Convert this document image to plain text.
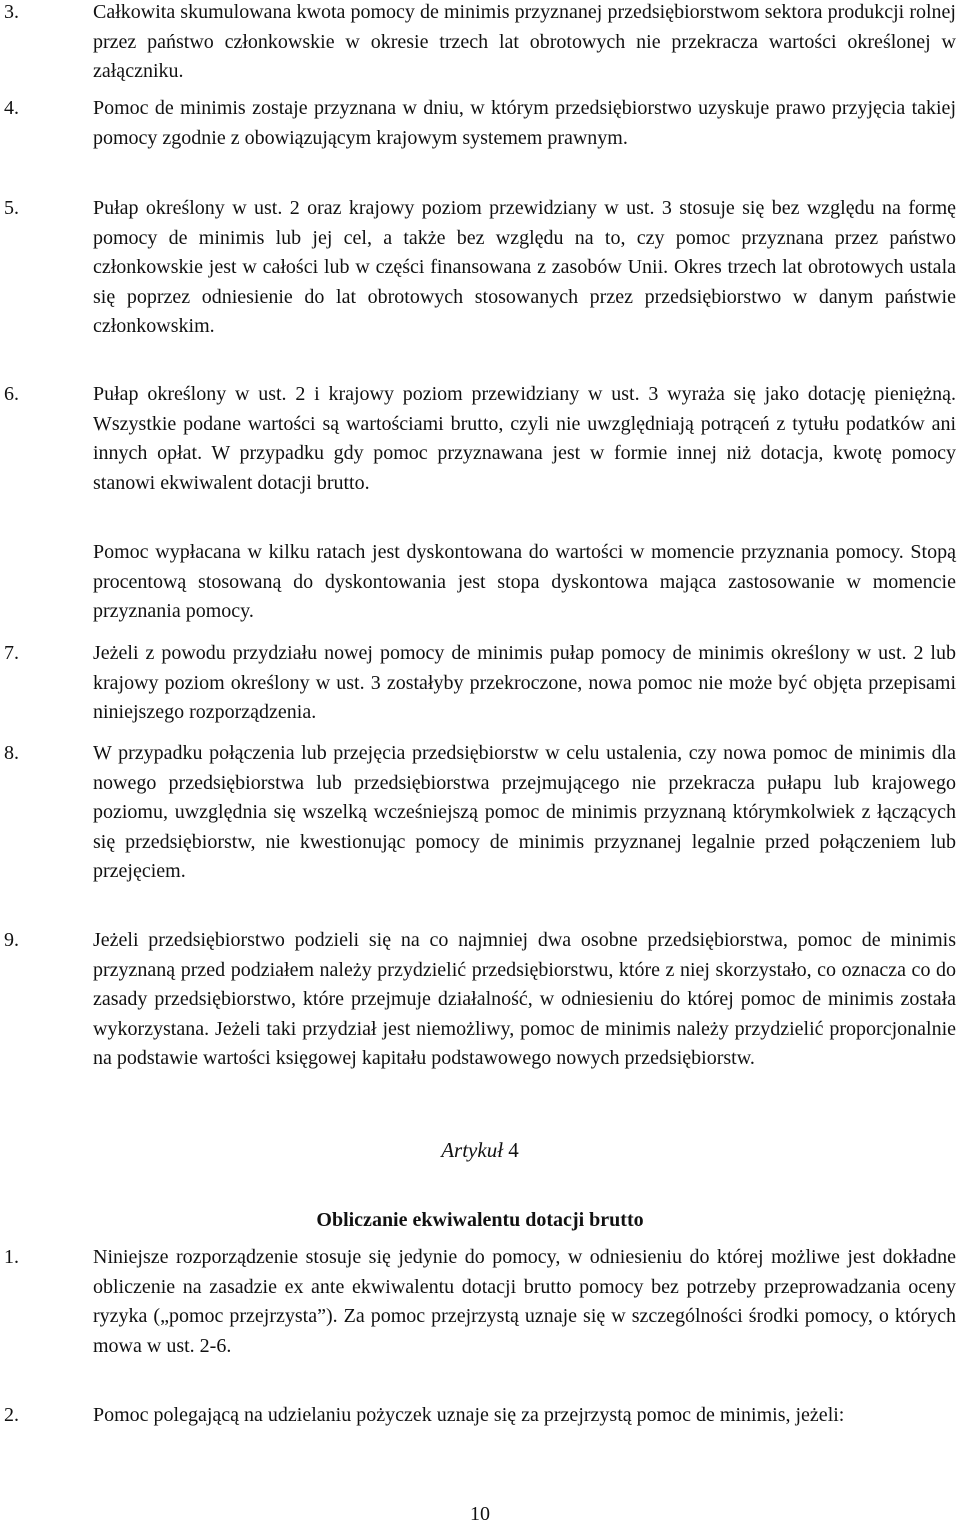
3.	Całkowita skumulowana kwota pomocy de minimis przyznanej przedsiębiorstwom sektora produkcji rolnej przez państwo członkowskie w okresie trzech lat obrotowych nie przekracza wartości określonej w załączniku.
4.	Pomoc de minimis zostaje przyznana w dniu, w którym przedsiębiorstwo uzyskuje prawo przyjęcia takiej pomocy zgodnie z obowiązującym krajowym systemem prawnym.
5.	Pułap określony w ust. 2 oraz krajowy poziom przewidziany w ust. 3 stosuje się bez względu na formę pomocy de minimis lub jej cel, a także bez względu na to, czy pomoc przyznana przez państwo członkowskie jest w całości lub w części finansowana z zasobów Unii. Okres trzech lat obrotowych ustala się poprzez odniesienie do lat obrotowych stosowanych przez przedsiębiorstwo w danym państwie członkowskim.
6.	Pułap określony w ust. 2 i krajowy poziom przewidziany w ust. 3 wyraża się jako dotację pieniężną. Wszystkie podane wartości są wartościami brutto, czyli nie uwzględniają potrąceń z tytułu podatków ani innych opłat. W przypadku gdy pomoc przyznawana jest w formie innej niż dotacja, kwotę pomocy stanowi ekwiwalent dotacji brutto.
Pomoc wypłacana w kilku ratach jest dyskontowana do wartości w momencie przyznania pomocy. Stopą procentową stosowaną do dyskontowania jest stopa dyskontowa mająca zastosowanie w momencie przyznania pomocy.
7.	Jeżeli z powodu przydziału nowej pomocy de minimis pułap pomocy de minimis określony w ust. 2 lub krajowy poziom określony w ust. 3 zostałyby przekroczone, nowa pomoc nie może być objęta przepisami niniejszego rozporządzenia.
8.	W przypadku połączenia lub przejęcia przedsiębiorstw w celu ustalenia, czy nowa pomoc de minimis dla nowego przedsiębiorstwa lub przedsiębiorstwa przejmującego nie przekracza pułapu lub krajowego poziomu, uwzględnia się wszelką wcześniejszą pomoc de minimis przyznaną którymkolwiek z łączących się przedsiębiorstw, nie kwestionując pomocy de minimis przyznanej legalnie przed połączeniem lub przejęciem.
9.	Jeżeli przedsiębiorstwo podzieli się na co najmniej dwa osobne przedsiębiorstwa, pomoc de minimis przyznaną przed podziałem należy przydzielić przedsiębiorstwu, które z niej skorzystało, co oznacza co do zasady przedsiębiorstwo, które przejmuje działalność, w odniesieniu do której pomoc de minimis została wykorzystana. Jeżeli taki przydział jest niemożliwy, pomoc de minimis należy przydzielić proporcjonalnie na podstawie wartości księgowej kapitału podstawowego nowych przedsiębiorstw.
Artykuł 4
Obliczanie ekwiwalentu dotacji brutto
1.	Niniejsze rozporządzenie stosuje się jedynie do pomocy, w odniesieniu do której możliwe jest dokładne obliczenie na zasadzie ex ante ekwiwalentu dotacji brutto pomocy bez potrzeby przeprowadzania oceny ryzyka („pomoc przejrzysta”). Za pomoc przejrzystą uznaje się w szczególności środki pomocy, o których mowa w ust. 2-6.
2.	Pomoc polegającą na udzielaniu pożyczek uznaje się za przejrzystą pomoc de minimis, jeżeli:
10
